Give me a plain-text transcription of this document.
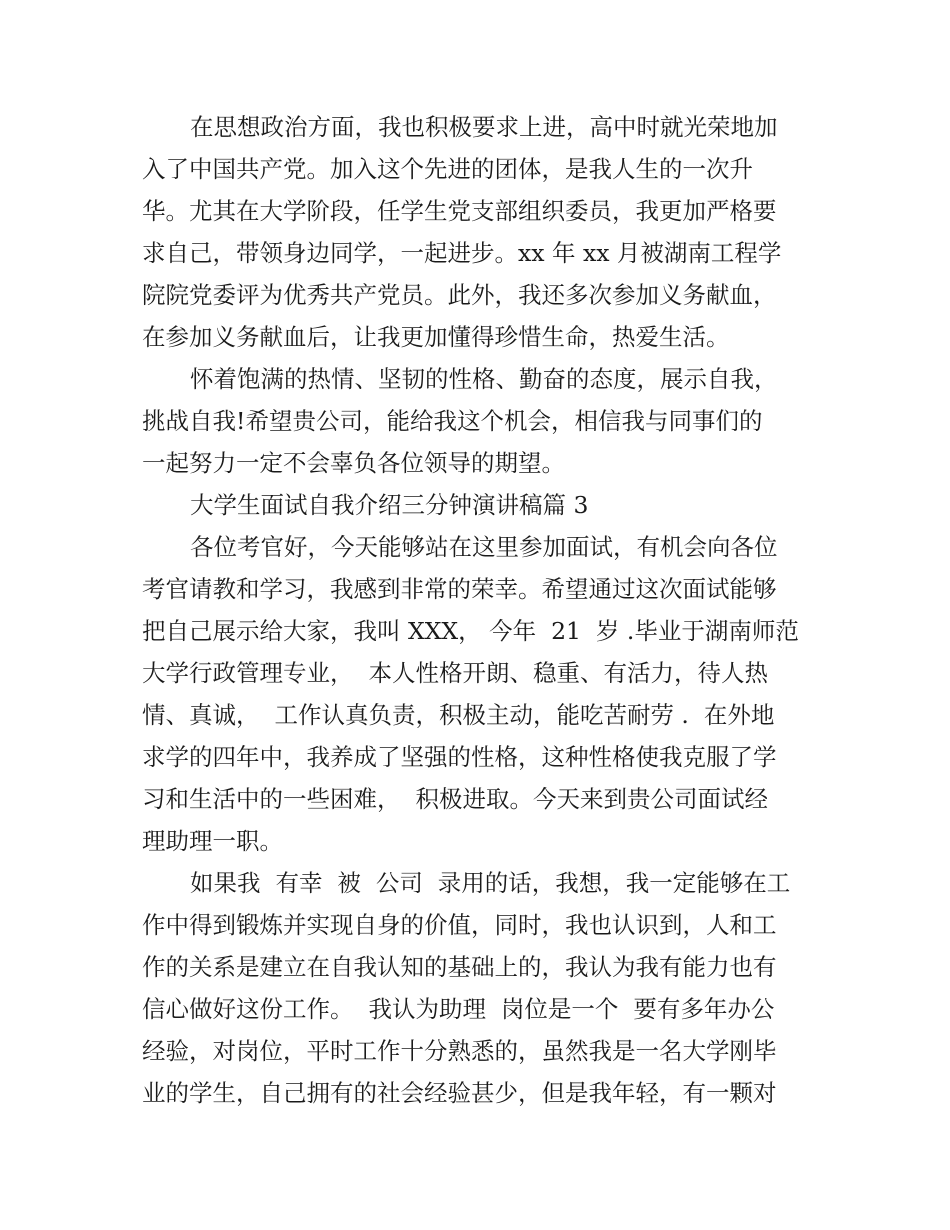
在思想政治方面，我也积极要求上进，高中时就光荣地加
入了中国共产党。加入这个先进的团体，是我人生的一次升
华。尤其在大学阶段，任学生党支部组织委员，我更加严格要
求自己，带领身边同学，一起进步。xx 年 xx 月被湖南工程学
院院党委评为优秀共产党员。此外，我还多次参加义务献血，
在参加义务献血后，让我更加懂得珍惜生命，热爱生活。
怀着饱满的热情、坚韧的性格、勤奋的态度，展示自我，
挑战自我!希望贵公司，能给我这个机会，相信我与同事们的
一起努力一定不会辜负各位领导的期望。
大学生面试自我介绍三分钟演讲稿篇 3
各位考官好，今天能够站在这里参加面试，有机会向各位
考官请教和学习，我感到非常的荣幸。希望通过这次面试能够
把自己展示给大家，我叫 XXX， 今年  21  岁 .毕业于湖南师范
大学行政管理专业，  本人性格开朗、稳重、有活力，待人热
情、真诚，  工作认真负责，积极主动，能吃苦耐劳 .  在外地
求学的四年中，我养成了坚强的性格，这种性格使我克服了学
习和生活中的一些困难，  积极进取。今天来到贵公司面试经
理助理一职。
如果我  有幸  被  公司  录用的话，我想，我一定能够在工
作中得到锻炼并实现自身的价值，同时，我也认识到，人和工
作的关系是建立在自我认知的基础上的，我认为我有能力也有
信心做好这份工作。  我认为助理  岗位是一个  要有多年办公
经验，对岗位，平时工作十分熟悉的，虽然我是一名大学刚毕
业的学生，自己拥有的社会经验甚少，但是我年轻，有一颗对
